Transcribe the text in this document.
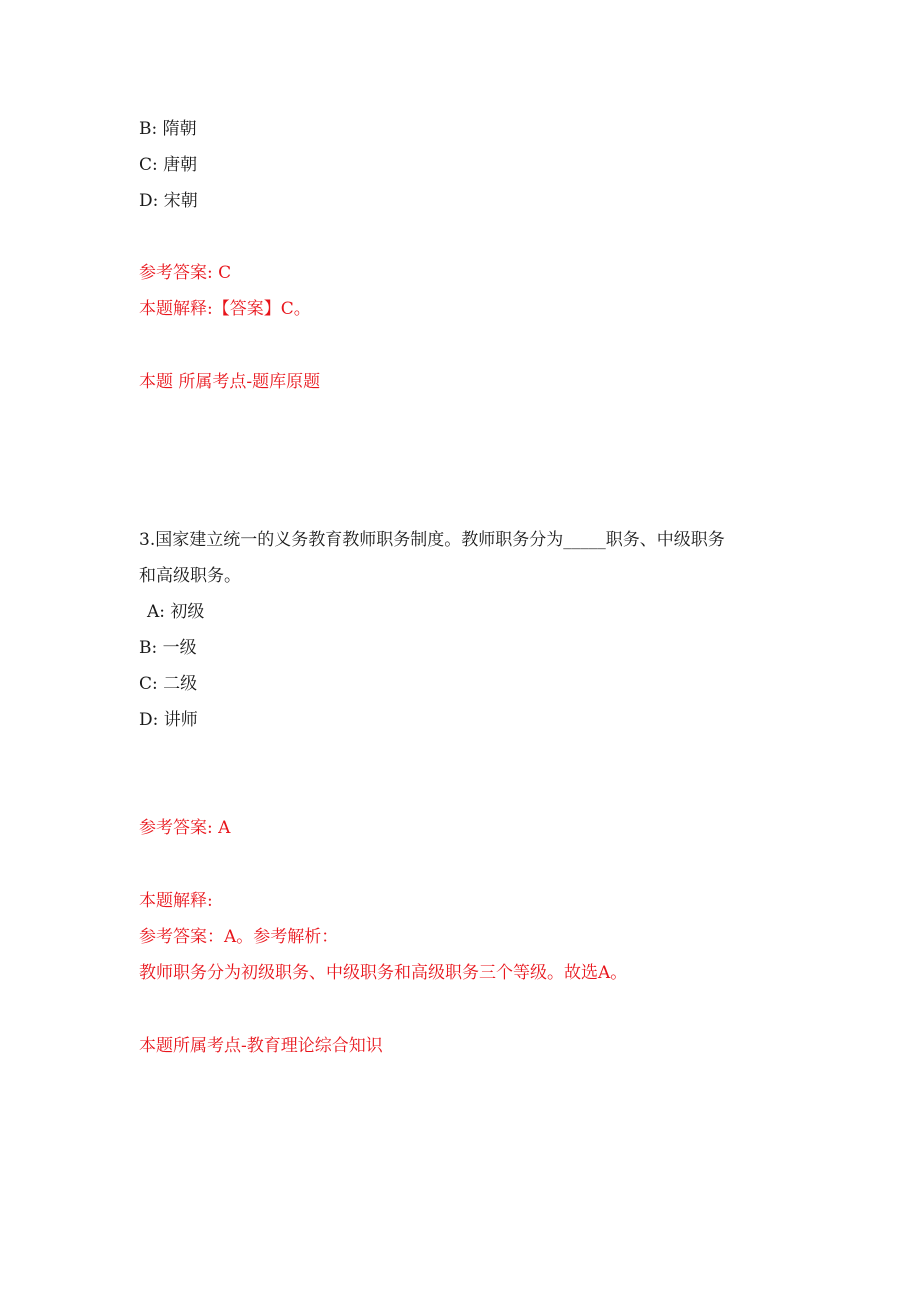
B: 隋朝
C: 唐朝
D: 宋朝
参考答案: C
本题解释:【答案】C。
本题 所属考点-题库原题
3.国家建立统一的义务教育教师职务制度。教师职务分为_____职务、中级职务
和高级职务。
A: 初级
B: 一级
C: 二级
D: 讲师
参考答案: A
本题解释:
参考答案：A。参考解析：
教师职务分为初级职务、中级职务和高级职务三个等级。故选A。
本题所属考点-教育理论综合知识
